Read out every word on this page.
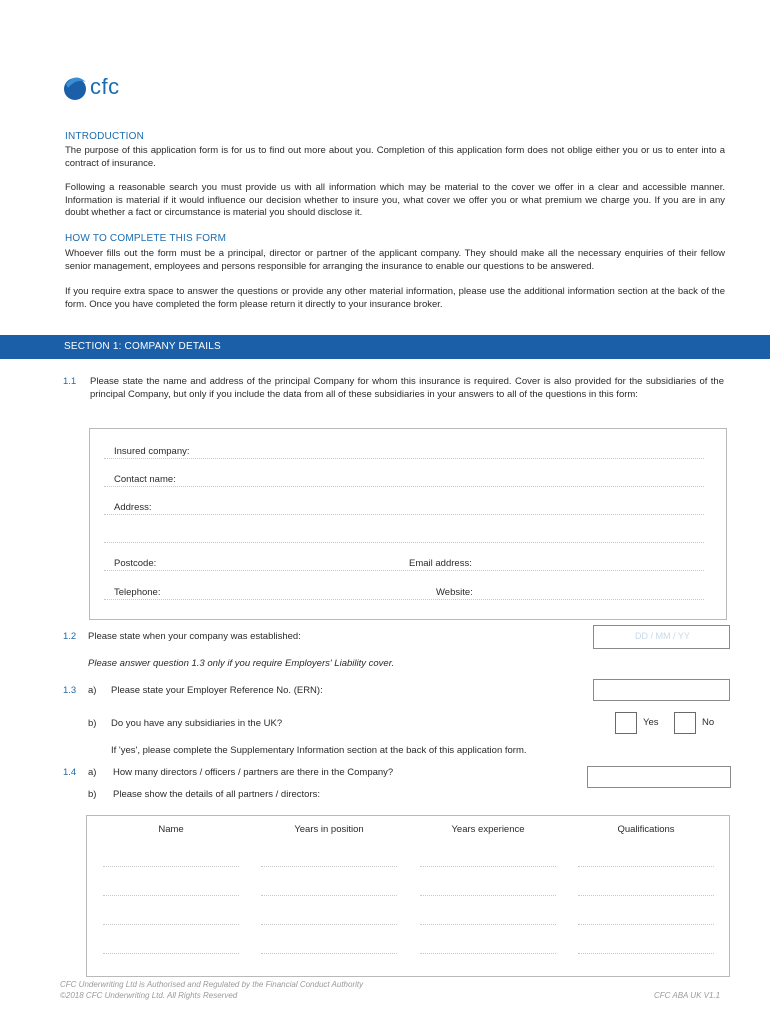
cfc
INTRODUCTION
The purpose of this application form is for us to find out more about you. Completion of this application form does not oblige either you or us to enter into a contract of insurance.
Following a reasonable search you must provide us with all information which may be material to the cover we offer in a clear and accessible manner. Information is material if it would influence our decision whether to insure you, what cover we offer you or what premium we charge you. If you are in any doubt whether a fact or circumstance is material you should disclose it.
HOW TO COMPLETE THIS FORM
Whoever fills out the form must be a principal, director or partner of the applicant company. They should make all the necessary enquiries of their fellow senior management, employees and persons responsible for arranging the insurance to enable our questions to be answered.
If you require extra space to answer the questions or provide any other material information, please use the additional information section at the back of the form. Once you have completed the form please return it directly to your insurance broker.
SECTION 1: COMPANY DETAILS
1.1 Please state the name and address of the principal Company for whom this insurance is required. Cover is also provided for the subsidiaries of the principal Company, but only if you include the data from all of these subsidiaries in your answers to all of the questions in this form:
Insured company:
Contact name:
Address:
Postcode:	Email address:
Telephone:	Website:
1.2 Please state when your company was established:	DD / MM / YY
Please answer question 1.3 only if you require Employers' Liability cover.
1.3 a) Please state your Employer Reference No. (ERN):
b) Do you have any subsidiaries in the UK?	Yes	No
If 'yes', please complete the Supplementary Information section at the back of this application form.
1.4 a) How many directors / officers / partners are there in the Company?
b) Please show the details of all partners / directors:
Name	Years in position	Years experience	Qualifications
CFC Underwriting Ltd is Authorised and Regulated by the Financial Conduct Authority
©2018 CFC Underwriting Ltd. All Rights Reserved	CFC ABA UK V1.1
